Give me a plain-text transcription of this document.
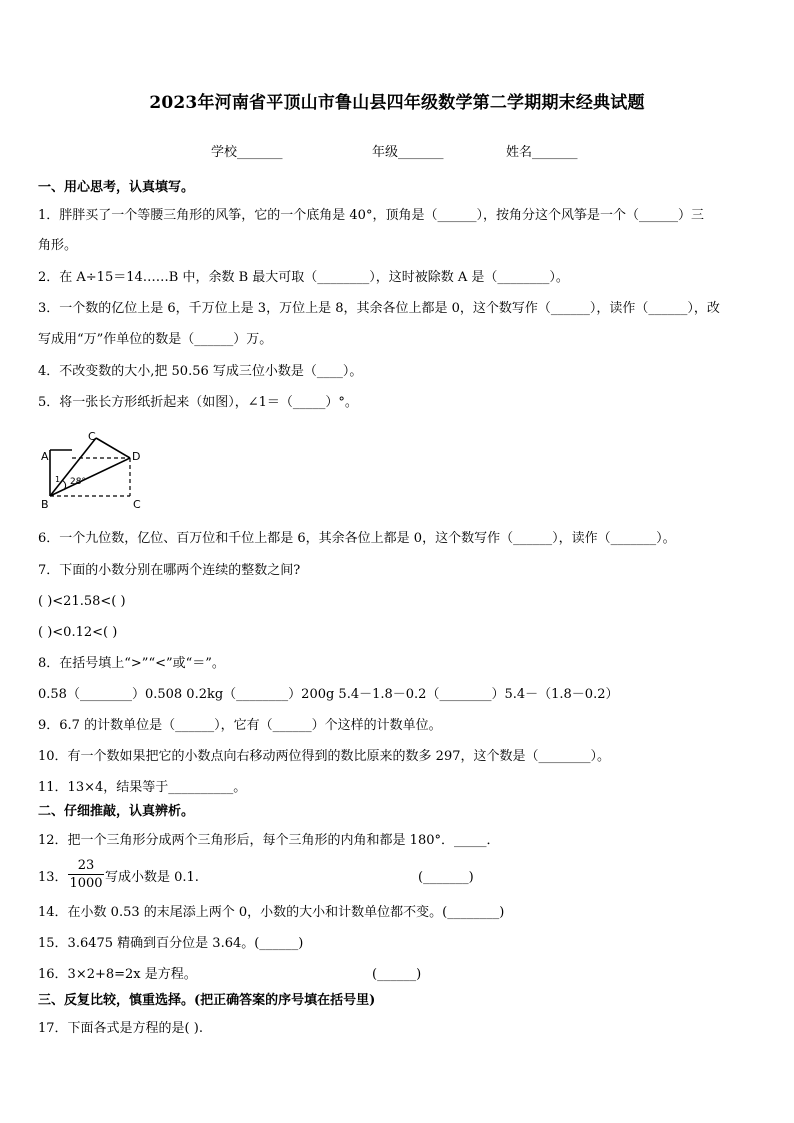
2023年河南省平顶山市鲁山县四年级数学第二学期期末经典试题
学校_______	年级_______	姓名_______
一、用心思考，认真填写。
1．胖胖买了一个等腰三角形的风筝，它的一个底角是 40°，顶角是（______），按角分这个风筝是一个（______）三
角形。
2．在 A÷15＝14……B 中，余数 B 最大可取（________），这时被除数 A 是（________）。
3．一个数的亿位上是 6，千万位上是 3，万位上是 8，其余各位上都是 0，这个数写作（______），读作（______），改
写成用“万”作单位的数是（______）万。
4．不改变数的大小,把 50.56 写成三位小数是（____）。
5．将一张长方形纸折起来（如图），∠1＝（_____）°。
A
B
C
D
C
1 28°
6．一个九位数，亿位、百万位和千位上都是 6，其余各位上都是 0，这个数写作（______），读作（_______）。
7．下面的小数分别在哪两个连续的整数之间?
( )<21.58<( )
( )<0.12<( )
8．在括号填上“>”“<”或“＝”。
0.58（________）0.508 0.2kg（________）200g 5.4－1.8－0.2（________）5.4－（1.8－0.2）
9．6.7 的计数单位是（______），它有（______）个这样的计数单位。
10．有一个数如果把它的小数点向右移动两位得到的数比原来的数多 297，这个数是（________）。
11．13×4，结果等于__________。
二、仔细推敲，认真辨析。
12．把一个三角形分成两个三角形后，每个三角形的内角和都是 180°．_____．
13． $\frac{23}{1000}$ 写成小数是 0.1.	(_______)
14．在小数 0.53 的末尾添上两个 0，小数的大小和计数单位都不变。(________)
15．3.6475 精确到百分位是 3.64。(______)
16．3×2+8=2x 是方程。	(______)
三、反复比较，慎重选择。(把正确答案的序号填在括号里)
17．下面各式是方程的是( ).
